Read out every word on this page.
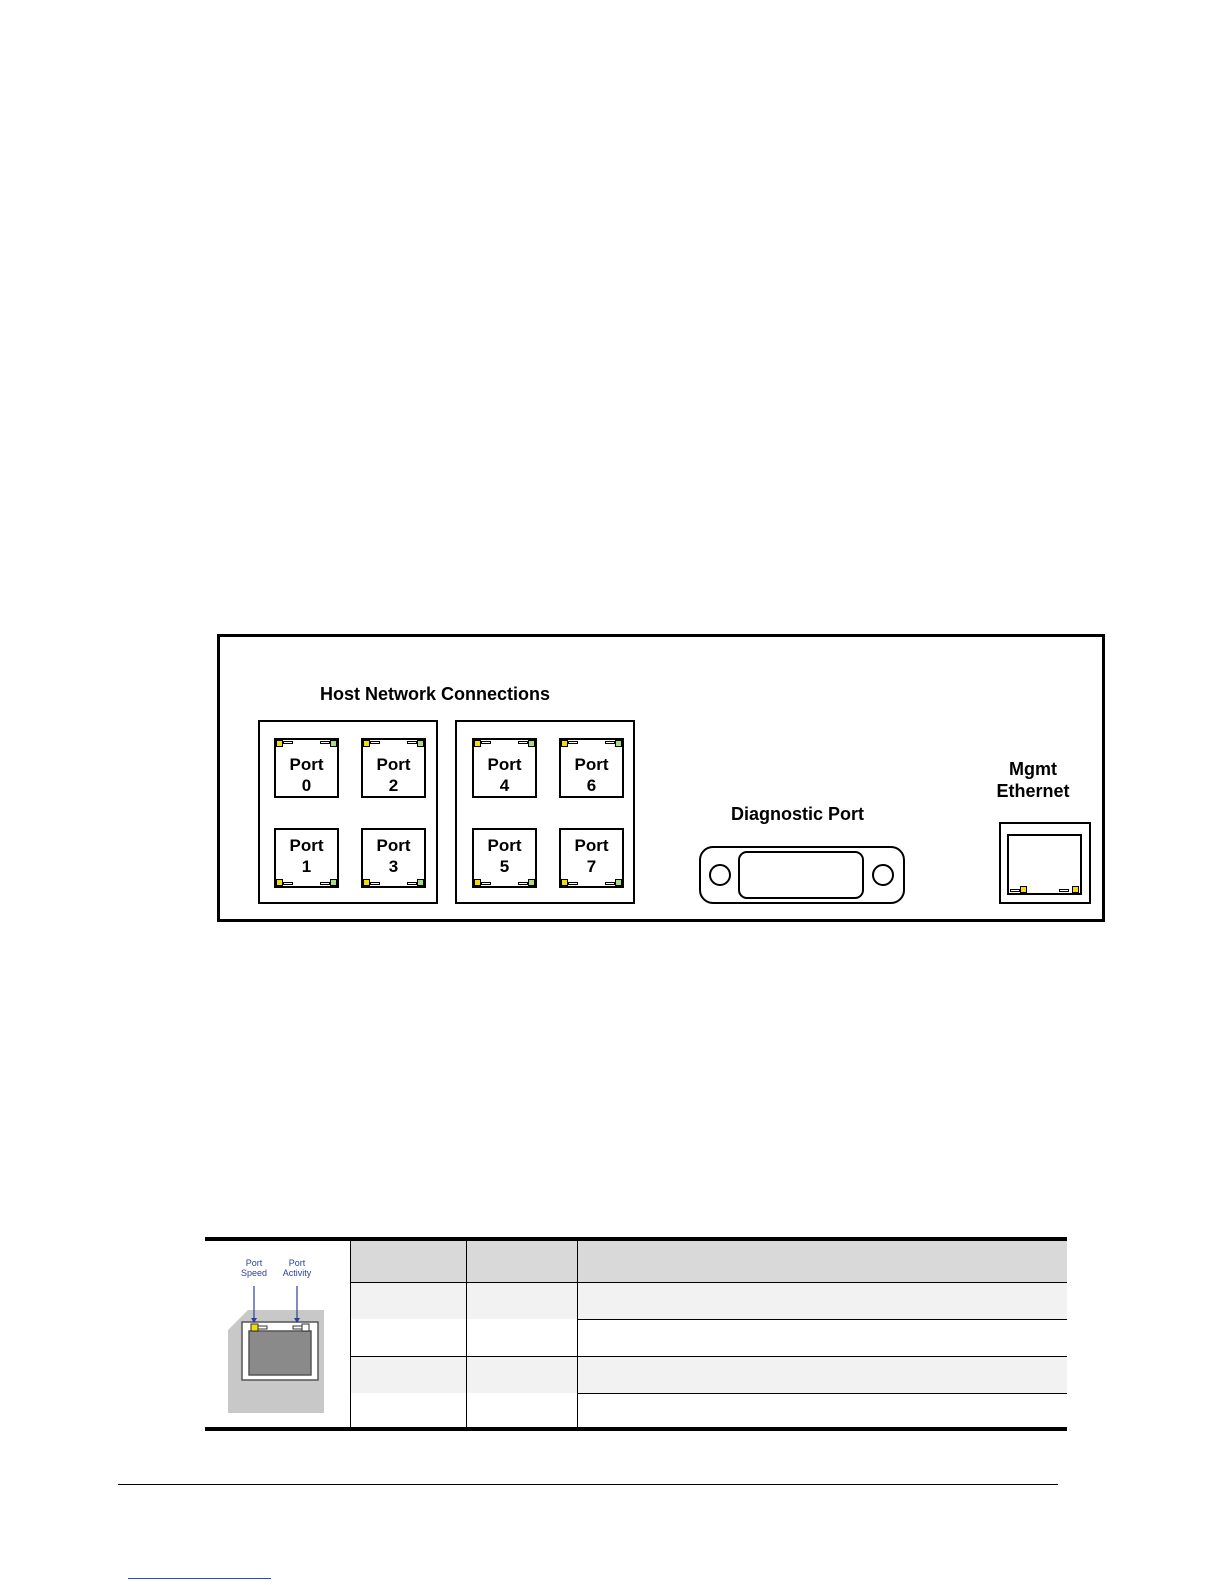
Host Network Connections
Port
0
Port
2
Port
1
Port
3
Port
4
Port
6
Port
5
Port
7
Diagnostic Port
Mgmt
Ethernet
Port
Speed
Port
Activity
